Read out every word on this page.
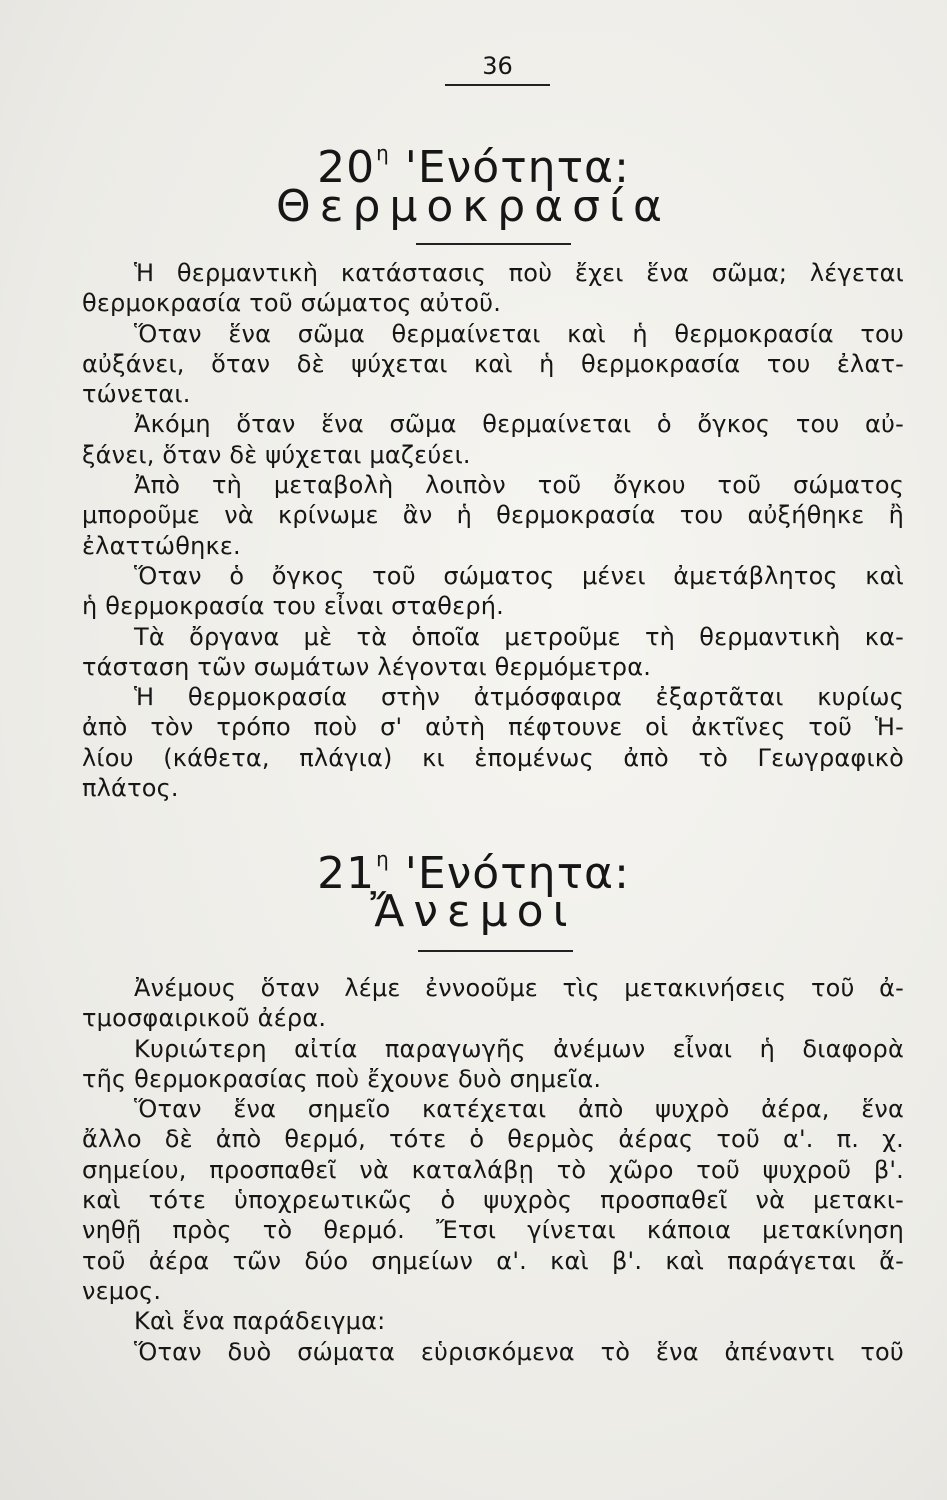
36
$20^\eta$ 'Ενότητα:
Θερμοκρασία
Ἡ θερμαντικὴ κατάστασις ποὺ ἔχει ἕνα σῶμα; λέγεται
θερμοκρασία τοῦ σώματος αὐτοῦ.
Ὅταν ἕνα σῶμα θερμαίνεται καὶ ἡ θερμοκρασία του
αὐξάνει, ὅταν δὲ ψύχεται καὶ ἡ θερμοκρασία του ἐλατ-
τώνεται.
Ἀκόμη ὅταν ἕνα σῶμα θερμαίνεται ὁ ὄγκος του αὐ-
ξάνει, ὅταν δὲ ψύχεται μαζεύει.
Ἀπὸ τὴ μεταβολὴ λοιπὸν τοῦ ὄγκου τοῦ σώματος
μποροῦμε νὰ κρίνωμε ἂν ἡ θερμοκρασία του αὐξήθηκε ἢ
ἐλαττώθηκε.
Ὅταν ὁ ὄγκος τοῦ σώματος μένει ἀμετάβλητος καὶ
ἡ θερμοκρασία του εἶναι σταθερή.
Τὰ ὄργανα μὲ τὰ ὁποῖα μετροῦμε τὴ θερμαντικὴ κα-
τάσταση τῶν σωμάτων λέγονται θερμόμετρα.
Ἡ θερμοκρασία στὴν ἀτμόσφαιρα ἐξαρτᾶται κυρίως
ἀπὸ τὸν τρόπο ποὺ σ' αὐτὴ πέφτουνε οἱ ἀκτῖνες τοῦ Ἡ-
λίου (κάθετα, πλάγια) κι ἑπομένως ἀπὸ τὸ Γεωγραφικὸ
πλάτος.
$21^\eta$ 'Ενότητα:
Ἄνεμοι
Ἀνέμους ὅταν λέμε ἐννοοῦμε τὶς μετακινήσεις τοῦ ἀ-
τμοσφαιρικοῦ ἀέρα.
Κυριώτερη αἰτία παραγωγῆς ἀνέμων εἶναι ἡ διαφορὰ
τῆς θερμοκρασίας ποὺ ἔχουνε δυὸ σημεῖα.
Ὅταν ἕνα σημεῖο κατέχεται ἀπὸ ψυχρὸ ἀέρα, ἕνα
ἄλλο δὲ ἀπὸ θερμό, τότε ὁ θερμὸς ἀέρας τοῦ α'. π. χ.
σημείου, προσπαθεῖ νὰ καταλάβῃ τὸ χῶρο τοῦ ψυχροῦ β'.
καὶ τότε ὑποχρεωτικῶς ὁ ψυχρὸς προσπαθεῖ νὰ μετακι-
νηθῇ πρὸς τὸ θερμό. Ἔτσι γίνεται κάποια μετακίνηση
τοῦ ἀέρα τῶν δύο σημείων α'. καὶ β'. καὶ παράγεται ἄ-
νεμος.
Καὶ ἕνα παράδειγμα:
Ὅταν δυὸ σώματα εὑρισκόμενα τὸ ἕνα ἀπέναντι τοῦ
